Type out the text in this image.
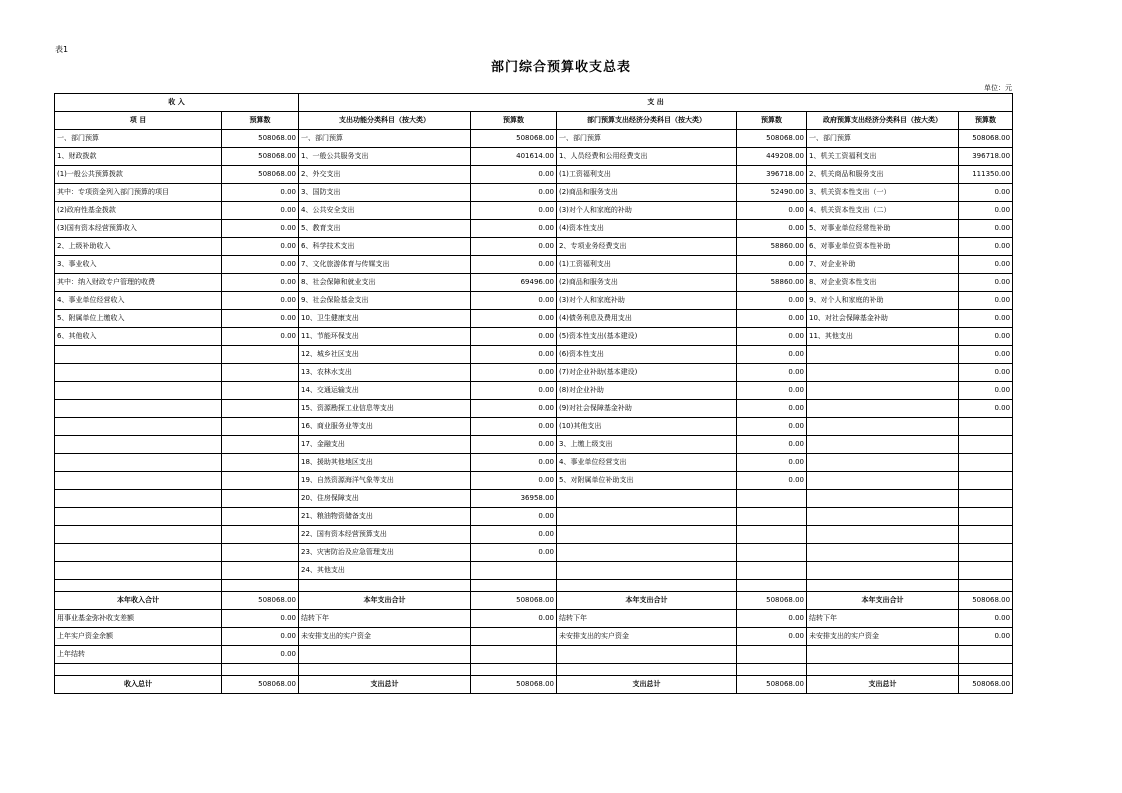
表1
部门综合预算收支总表
单位：元
收 入		支 出					
项 目	预算数	支出功能分类科目（按大类）	预算数	部门预算支出经济分类科目（按大类）	预算数	政府预算支出经济分类科目（按大类）	预算数
一、部门预算	508068.00	一、部门预算	508068.00	一、部门预算	508068.00	一、部门预算	508068.00
1、财政拨款	508068.00	1、一般公共服务支出	401614.00	1、人员经费和公用经费支出	449208.00	1、机关工资福利支出	396718.00
(1)一般公共预算拨款	508068.00	2、外交支出	0.00	(1)工资福利支出	396718.00	2、机关商品和服务支出	111350.00
其中：专项资金列入部门预算的项目	0.00	3、国防支出	0.00	(2)商品和服务支出	52490.00	3、机关资本性支出（一）	0.00
(2)政府性基金拨款	0.00	4、公共安全支出	0.00	(3)对个人和家庭的补助	0.00	4、机关资本性支出（二）	0.00
(3)国有资本经营预算收入	0.00	5、教育支出	0.00	(4)资本性支出	0.00	5、对事业单位经常性补助	0.00
2、上级补助收入	0.00	6、科学技术支出	0.00	2、专项业务经费支出	58860.00	6、对事业单位资本性补助	0.00
3、事业收入	0.00	7、文化旅游体育与传媒支出	0.00	(1)工资福利支出	0.00	7、对企业补助	0.00
其中：纳入财政专户管理的收费	0.00	8、社会保障和就业支出	69496.00	(2)商品和服务支出	58860.00	8、对企业资本性支出	0.00
4、事业单位经营收入	0.00	9、社会保险基金支出	0.00	(3)对个人和家庭补助	0.00	9、对个人和家庭的补助	0.00
5、附属单位上缴收入	0.00	10、卫生健康支出	0.00	(4)债务利息及费用支出	0.00	10、对社会保障基金补助	0.00
6、其他收入	0.00	11、节能环保支出	0.00	(5)资本性支出(基本建设)	0.00	11、其他支出	0.00
		12、城乡社区支出	0.00	(6)资本性支出	0.00		0.00
		13、农林水支出	0.00	(7)对企业补助(基本建设)	0.00		0.00
		14、交通运输支出	0.00	(8)对企业补助	0.00		0.00
		15、资源勘探工业信息等支出	0.00	(9)对社会保障基金补助	0.00		0.00
		16、商业服务业等支出	0.00	(10)其他支出	0.00		
		17、金融支出	0.00	3、上缴上级支出	0.00		
		18、援助其他地区支出	0.00	4、事业单位经营支出	0.00		
		19、自然资源海洋气象等支出	0.00	5、对附属单位补助支出	0.00		
		20、住房保障支出	36958.00				
		21、粮油物资储备支出	0.00				
		22、国有资本经营预算支出	0.00				
		23、灾害防治及应急管理支出	0.00				
		24、其他支出					

本年收入合计	508068.00	本年支出合计	508068.00	本年支出合计	508068.00	本年支出合计	508068.00
用事业基金弥补收支差额	0.00	结转下年	0.00	结转下年	0.00	结转下年	0.00
上年实户资金余额	0.00	未安排支出的实户资金		未安排支出的实户资金	0.00	未安排支出的实户资金	0.00
上年结转	0.00						

收入总计	508068.00	支出总计	508068.00	支出总计	508068.00	支出总计	508068.00
